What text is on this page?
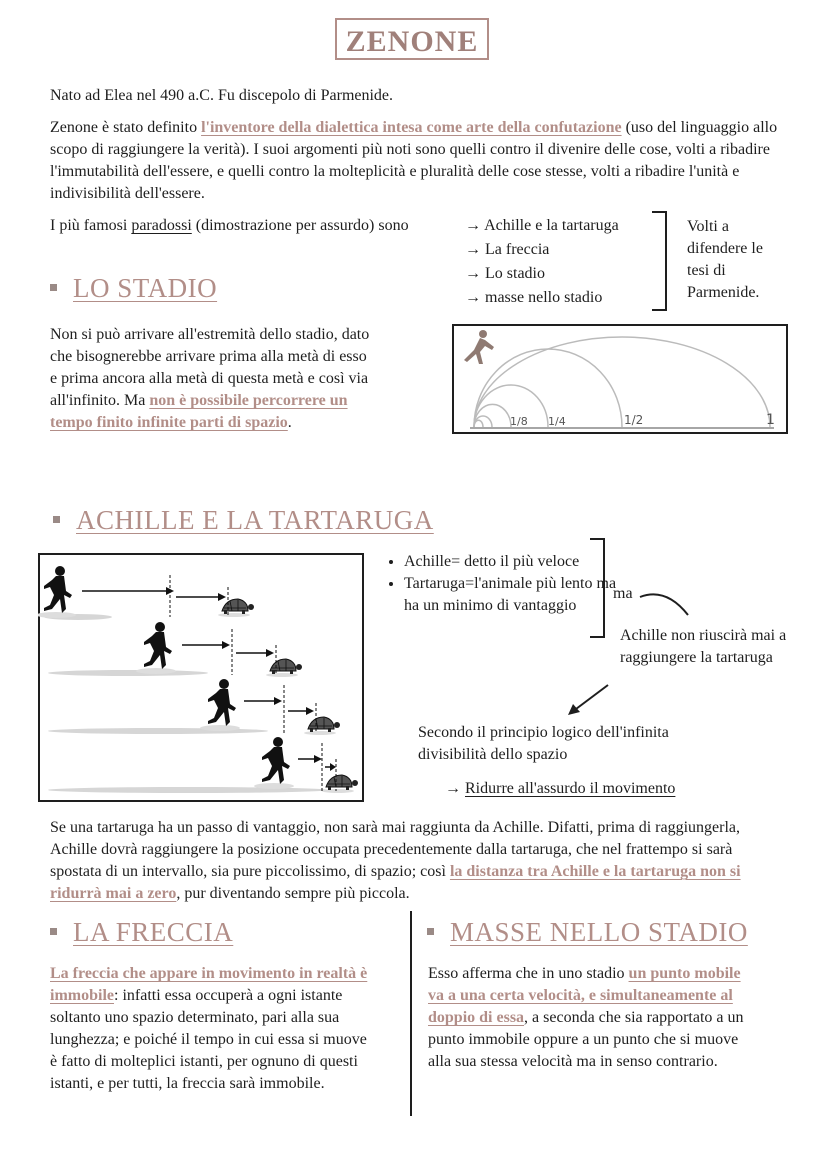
ZENONE

Nato ad Elea nel 490 a.C. Fu discepolo di Parmenide.

Zenone è stato definito l'inventore della dialettica intesa come arte della confutazione (uso del linguaggio allo scopo di raggiungere la verità). I suoi argomenti più noti sono quelli contro il divenire delle cose, volti a ribadire l'immutabilità dell'essere, e quelli contro la molteplicità e pluralità delle cose stesse, volti a ribadire l'unità e indivisibilità dell'essere.

I più famosi paradossi (dimostrazione per assurdo) sono	→ Achille e la tartaruga
→ La freccia
→ Lo stadio
→ masse nello stadio

Volti a difendere le tesi di Parmenide.

LO STADIO

Non si può arrivare all'estremità dello stadio, dato che bisognerebbe arrivare prima alla metà di esso e prima ancora alla metà di questa metà e così via all'infinito. Ma non è possibile percorrere un tempo finito infinite parti di spazio.	1/8 1/4	1/2	1
ACHILLE E LA TARTARUGA
• Achille= detto il più veloce
• Tartaruga=l'animale più lento ma ha un minimo di vantaggio

ma

Achille non riuscirà mai a raggiungere la tartaruga

Secondo il principio logico dell'infinita divisibilità dello spazio

→ Ridurre all'assurdo il movimento

Se una tartaruga ha un passo di vantaggio, non sarà mai raggiunta da Achille. Difatti, prima di raggiungerla, Achille dovrà raggiungere la posizione occupata precedentemente dalla tartaruga, che nel frattempo si sarà spostata di un intervallo, sia pure piccolissimo, di spazio; così la distanza tra Achille e la tartaruga non si ridurrà mai a zero, pur diventando sempre più piccola.

LA FRECCIA

La freccia che appare in movimento in realtà è immobile: infatti essa occuperà a ogni istante soltanto uno spazio determinato, pari alla sua lunghezza; e poiché il tempo in cui essa si muove è fatto di molteplici istanti, per ognuno di questi istanti, e per tutti, la freccia sarà immobile.

MASSE NELLO STADIO

Esso afferma che in uno stadio un punto mobile va a una certa velocità, e simultaneamente al doppio di essa, a seconda che sia rapportato a un punto immobile oppure a un punto che si muove alla sua stessa velocità ma in senso contrario.
